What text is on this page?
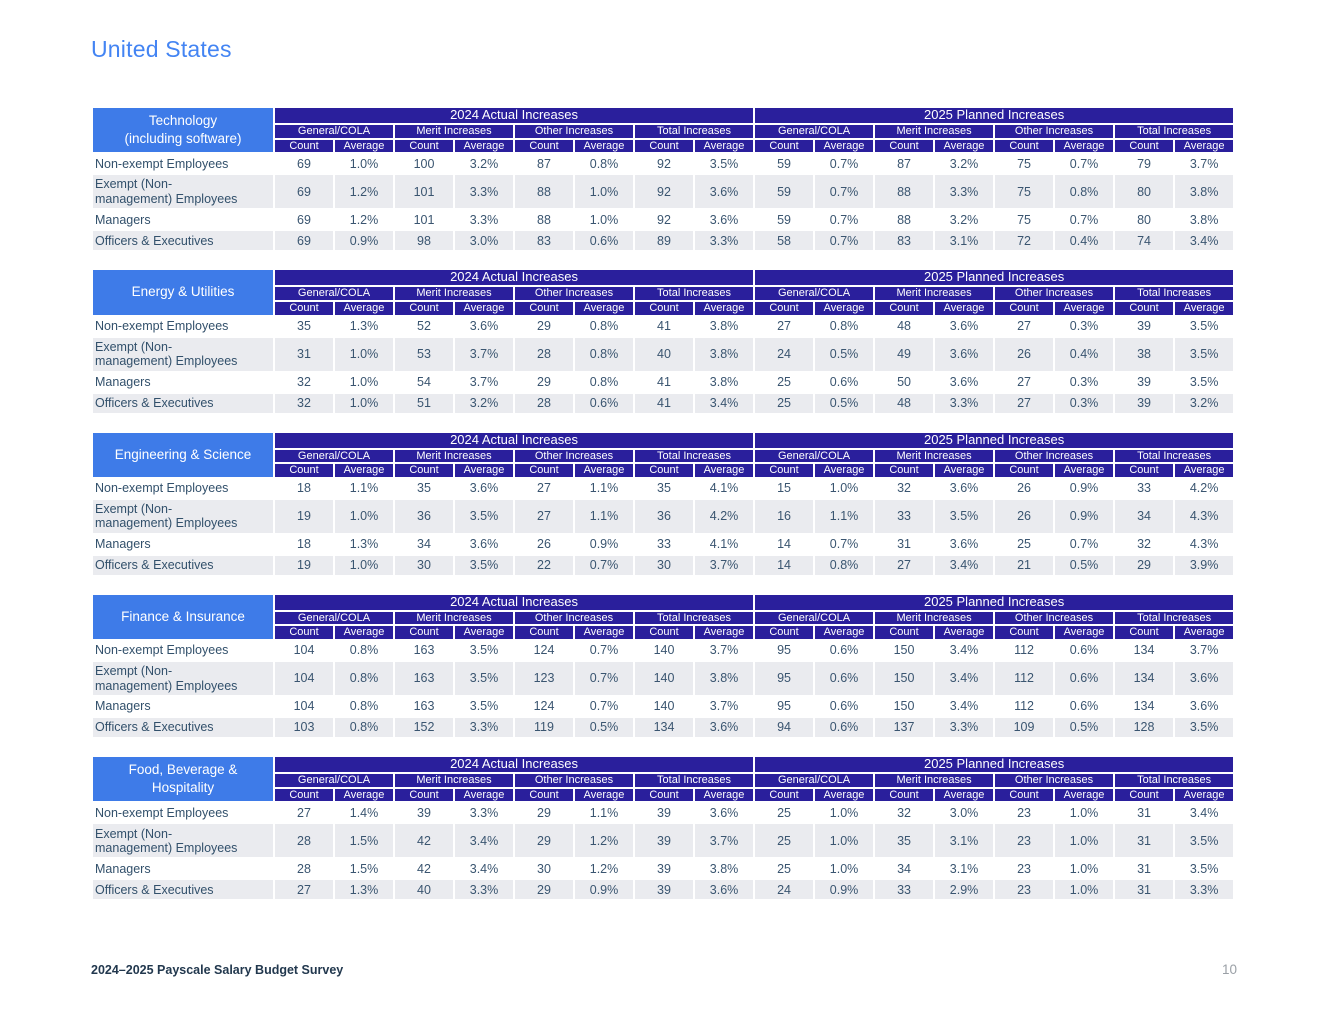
United States
Technology
(including software)	2024 Actual Increases								2025 Planned Increases							
	General/COLA		Merit Increases		Other Increases		Total Increases		General/COLA		Merit Increases		Other Increases		Total Increases	
	Count	Average	Count	Average	Count	Average	Count	Average	Count	Average	Count	Average	Count	Average	Count	Average
Non-exempt Employees	69	1.0%	100	3.2%	87	0.8%	92	3.5%	59	0.7%	87	3.2%	75	0.7%	79	3.7%
Exempt (Non-
management) Employees	69	1.2%	101	3.3%	88	1.0%	92	3.6%	59	0.7%	88	3.3%	75	0.8%	80	3.8%
Managers	69	1.2%	101	3.3%	88	1.0%	92	3.6%	59	0.7%	88	3.2%	75	0.7%	80	3.8%
Officers & Executives	69	0.9%	98	3.0%	83	0.6%	89	3.3%	58	0.7%	83	3.1%	72	0.4%	74	3.4%
Energy & Utilities	2024 Actual Increases								2025 Planned Increases							
	General/COLA		Merit Increases		Other Increases		Total Increases		General/COLA		Merit Increases		Other Increases		Total Increases	
	Count	Average	Count	Average	Count	Average	Count	Average	Count	Average	Count	Average	Count	Average	Count	Average
Non-exempt Employees	35	1.3%	52	3.6%	29	0.8%	41	3.8%	27	0.8%	48	3.6%	27	0.3%	39	3.5%
Exempt (Non-
management) Employees	31	1.0%	53	3.7%	28	0.8%	40	3.8%	24	0.5%	49	3.6%	26	0.4%	38	3.5%
Managers	32	1.0%	54	3.7%	29	0.8%	41	3.8%	25	0.6%	50	3.6%	27	0.3%	39	3.5%
Officers & Executives	32	1.0%	51	3.2%	28	0.6%	41	3.4%	25	0.5%	48	3.3%	27	0.3%	39	3.2%
Engineering & Science	2024 Actual Increases								2025 Planned Increases							
	General/COLA		Merit Increases		Other Increases		Total Increases		General/COLA		Merit Increases		Other Increases		Total Increases	
	Count	Average	Count	Average	Count	Average	Count	Average	Count	Average	Count	Average	Count	Average	Count	Average
Non-exempt Employees	18	1.1%	35	3.6%	27	1.1%	35	4.1%	15	1.0%	32	3.6%	26	0.9%	33	4.2%
Exempt (Non-
management) Employees	19	1.0%	36	3.5%	27	1.1%	36	4.2%	16	1.1%	33	3.5%	26	0.9%	34	4.3%
Managers	18	1.3%	34	3.6%	26	0.9%	33	4.1%	14	0.7%	31	3.6%	25	0.7%	32	4.3%
Officers & Executives	19	1.0%	30	3.5%	22	0.7%	30	3.7%	14	0.8%	27	3.4%	21	0.5%	29	3.9%
Finance & Insurance	2024 Actual Increases								2025 Planned Increases							
	General/COLA		Merit Increases		Other Increases		Total Increases		General/COLA		Merit Increases		Other Increases		Total Increases	
	Count	Average	Count	Average	Count	Average	Count	Average	Count	Average	Count	Average	Count	Average	Count	Average
Non-exempt Employees	104	0.8%	163	3.5%	124	0.7%	140	3.7%	95	0.6%	150	3.4%	112	0.6%	134	3.7%
Exempt (Non-
management) Employees	104	0.8%	163	3.5%	123	0.7%	140	3.8%	95	0.6%	150	3.4%	112	0.6%	134	3.6%
Managers	104	0.8%	163	3.5%	124	0.7%	140	3.7%	95	0.6%	150	3.4%	112	0.6%	134	3.6%
Officers & Executives	103	0.8%	152	3.3%	119	0.5%	134	3.6%	94	0.6%	137	3.3%	109	0.5%	128	3.5%
Food, Beverage &
Hospitality	2024 Actual Increases								2025 Planned Increases							
	General/COLA		Merit Increases		Other Increases		Total Increases		General/COLA		Merit Increases		Other Increases		Total Increases	
	Count	Average	Count	Average	Count	Average	Count	Average	Count	Average	Count	Average	Count	Average	Count	Average
Non-exempt Employees	27	1.4%	39	3.3%	29	1.1%	39	3.6%	25	1.0%	32	3.0%	23	1.0%	31	3.4%
Exempt (Non-
management) Employees	28	1.5%	42	3.4%	29	1.2%	39	3.7%	25	1.0%	35	3.1%	23	1.0%	31	3.5%
Managers	28	1.5%	42	3.4%	30	1.2%	39	3.8%	25	1.0%	34	3.1%	23	1.0%	31	3.5%
Officers & Executives	27	1.3%	40	3.3%	29	0.9%	39	3.6%	24	0.9%	33	2.9%	23	1.0%	31	3.3%
2024–2025 Payscale Salary Budget Survey	10
